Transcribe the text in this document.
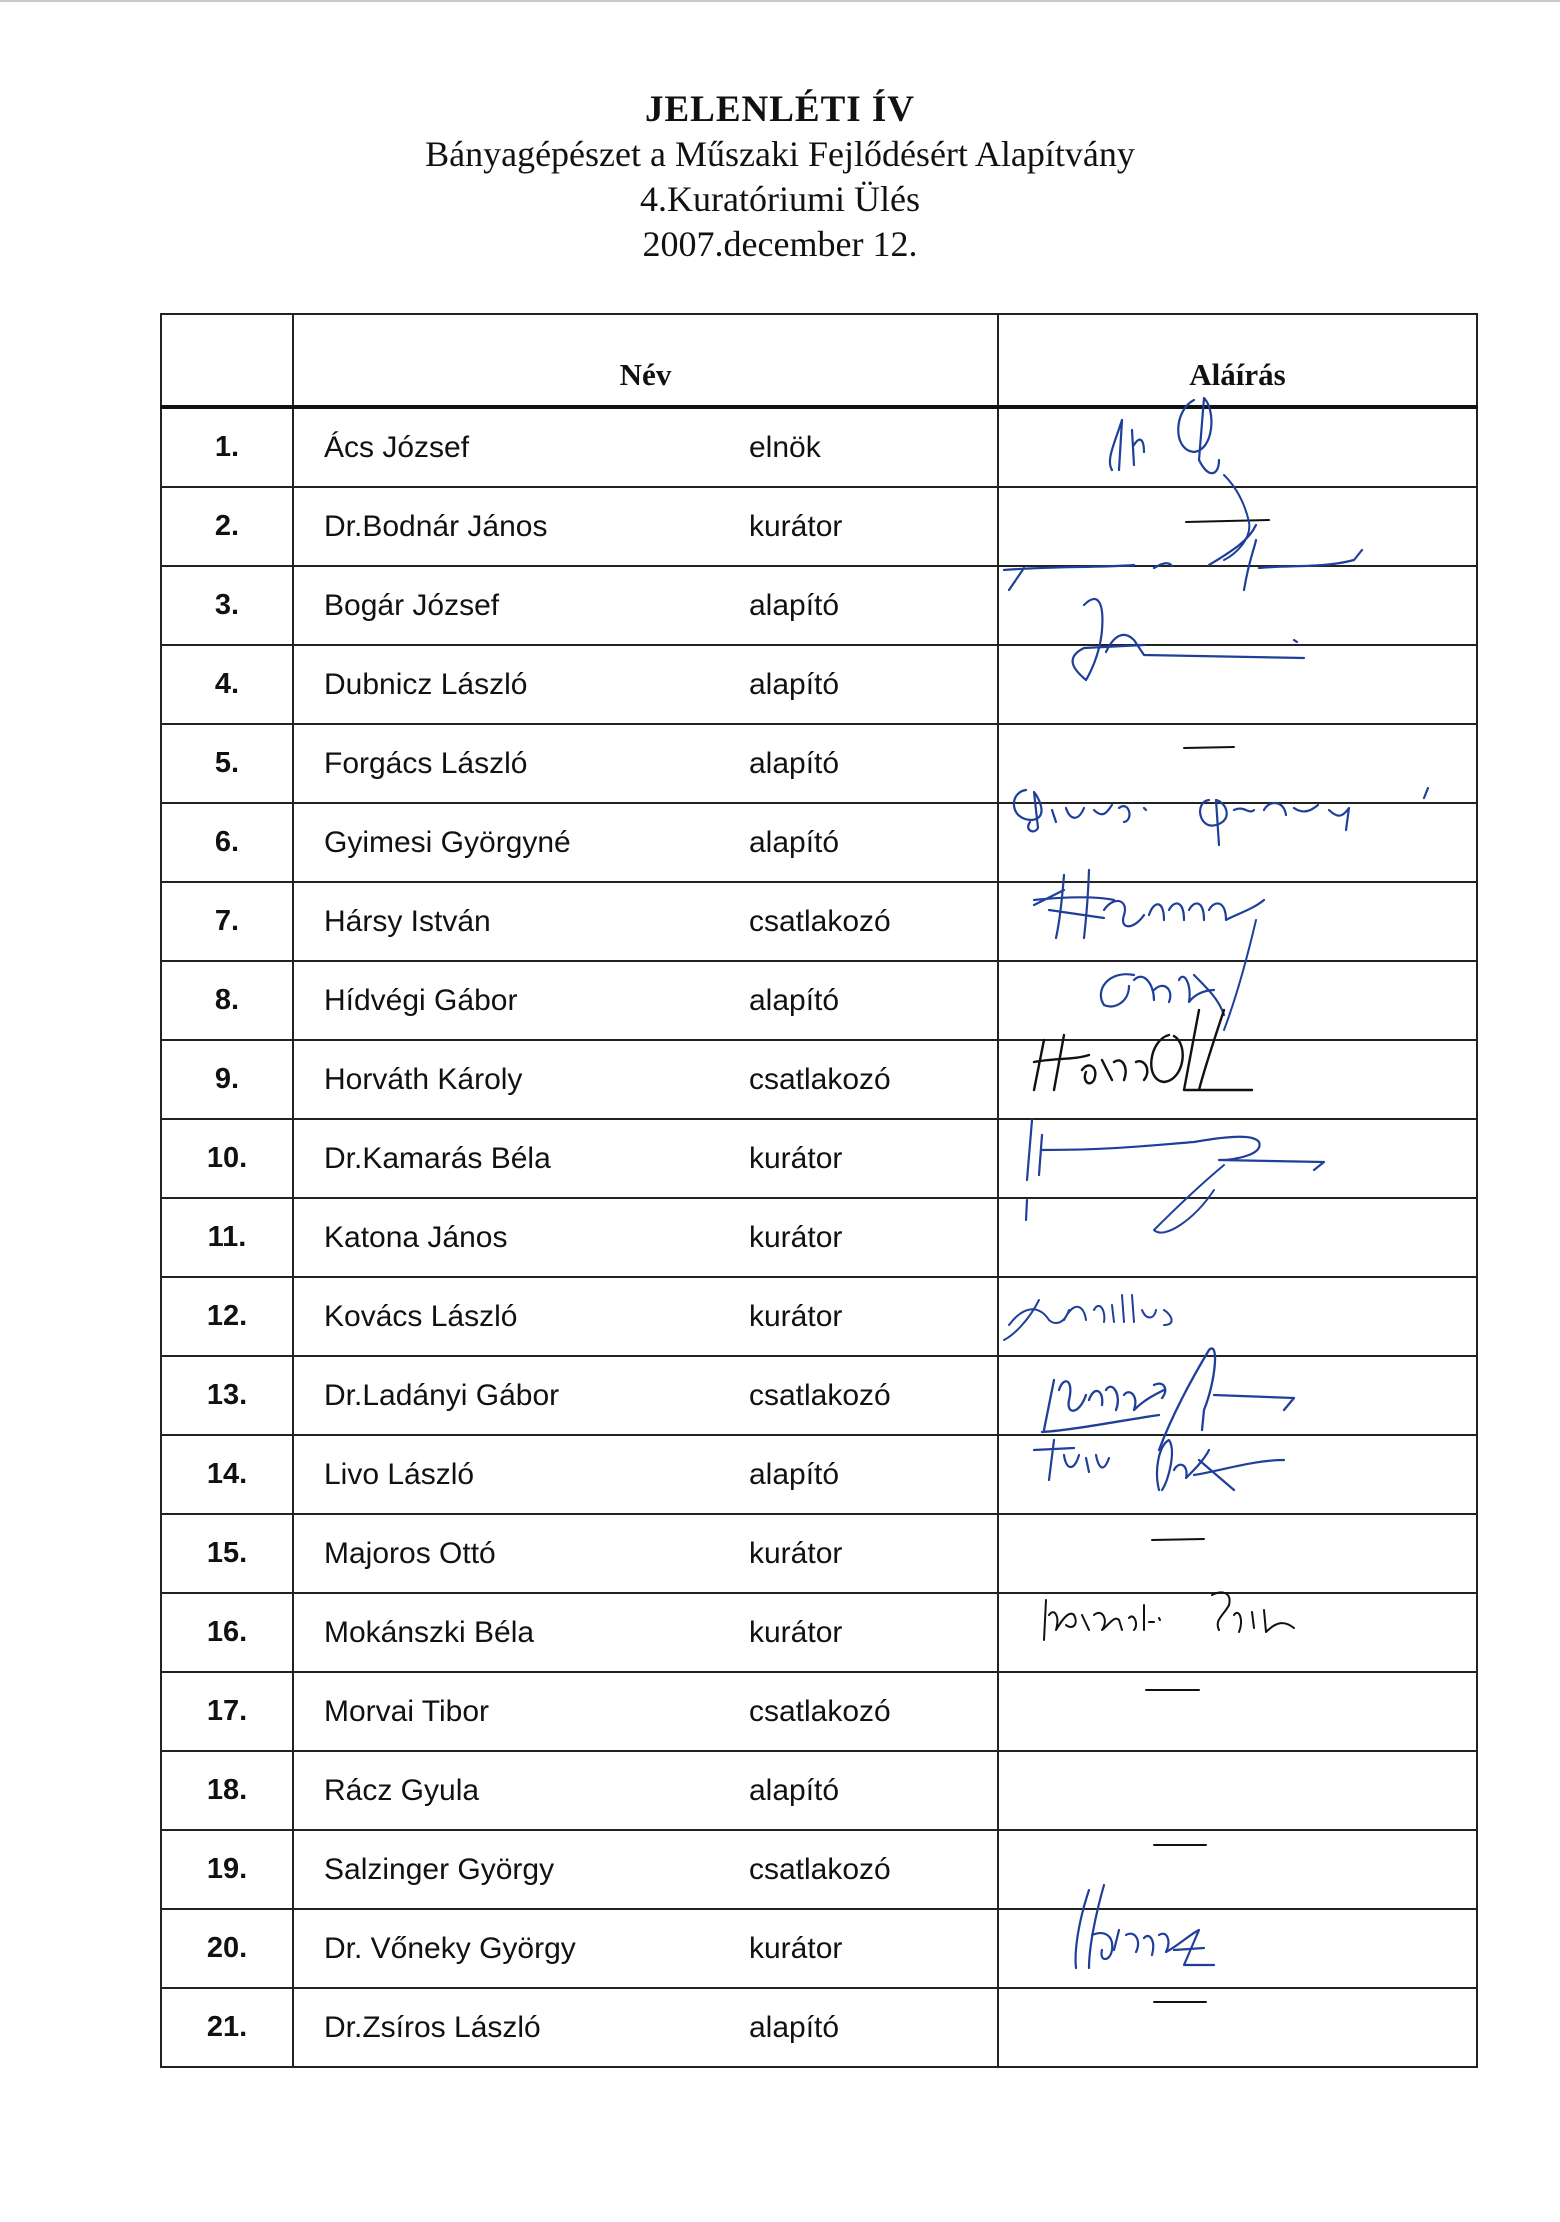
JELENLÉTI ÍV
Bányagépészet a Műszaki Fejlődésért Alapítvány
4.Kuratóriumi Ülés
2007.december 12.
	Név	Aláírás
1.	Ács József elnök	

2.	Dr.Bodnár János kurátor	

3.	Bogár József alapító	

4.	Dubnicz László alapító	

5.	Forgács László alapító	

6.	Gyimesi Györgyné alapító	

7.	Hársy István csatlakozó	

8.	Hídvégi Gábor alapító	

9.	Horváth Károly csatlakozó	

10.	Dr.Kamarás Béla kurátor	

11.	Katona János kurátor	

12.	Kovács László kurátor	

13.	Dr.Ladányi Gábor csatlakozó	

14.	Livo László alapító	

15.	Majoros Ottó kurátor	

16.	Mokánszki Béla kurátor	

17.	Morvai Tibor csatlakozó	

18.	Rácz Gyula alapító	

19.	Salzinger György csatlakozó	

20.	Dr. Vőneky György kurátor	

21.	Dr.Zsíros László alapító	
